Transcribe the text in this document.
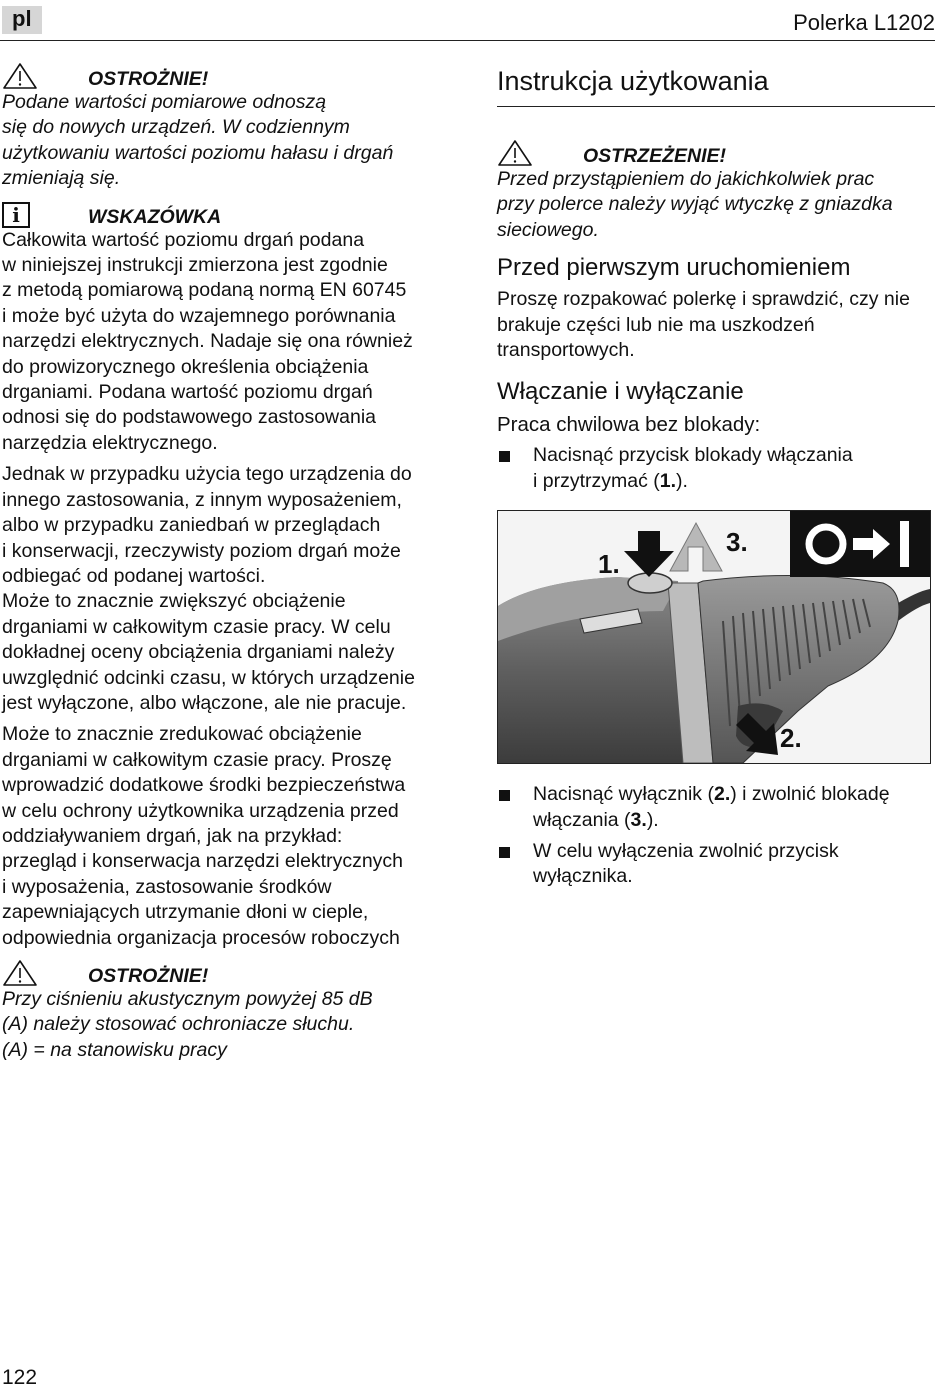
pl	Polerka L1202
OSTROŻNIE!

Podane wartości pomiarowe odnoszą
się do nowych urządzeń. W codziennym
użytkowaniu wartości poziomu hałasu i drgań
zmieniają się.

i	WSKAZÓWKA

Całkowita wartość poziomu drgań podana
w niniejszej instrukcji zmierzona jest zgodnie
z metodą pomiarową podaną normą EN 60745
i może być użyta do wzajemnego porównania
narzędzi elektrycznych. Nadaje się ona również
do prowizorycznego określenia obciążenia
drganiami. Podana wartość poziomu drgań
odnosi się do podstawowego zastosowania
narzędzia elektrycznego.

Jednak w przypadku użycia tego urządzenia do
innego zastosowania, z innym wyposażeniem,
albo w przypadku zaniedbań w przeglądach
i konserwacji, rzeczywisty poziom drgań może
odbiegać od podanej wartości.
Może to znacznie zwiększyć obciążenie
drganiami w całkowitym czasie pracy. W celu
dokładnej oceny obciążenia drganiami należy
uwzględnić odcinki czasu, w których urządzenie
jest wyłączone, albo włączone, ale nie pracuje.

Może to znacznie zredukować obciążenie
drganiami w całkowitym czasie pracy. Proszę
wprowadzić dodatkowe środki bezpieczeństwa
w celu ochrony użytkownika urządzenia przed
oddziaływaniem drgań, jak na przykład:
przegląd i konserwacja narzędzi elektrycznych
i wyposażenia, zastosowanie środków
zapewniających utrzymanie dłoni w cieple,
odpowiednia organizacja procesów roboczych

OSTROŻNIE!

Przy ciśnieniu akustycznym powyżej 85 dB
(A) należy stosować ochroniacze słuchu.
(A) = na stanowisku pracy

Instrukcja użytkowania
OSTRZEŻENIE!

Przed przystąpieniem do jakichkolwiek prac
przy polerce należy wyjąć wtyczkę z gniazdka
sieciowego.

Przed pierwszym uruchomieniem

Proszę rozpakować polerkę i sprawdzić, czy nie
brakuje części lub nie ma uszkodzeń
transportowych.

Włączanie i wyłączanie
Praca chwilowa bez blokady:
Nacisnąć przycisk blokady włączania
i przytrzymać (1.).
1.
3.
2.
Nacisnąć wyłącznik (2.) i zwolnić blokadę
włączania (3.).
W celu wyłączenia zwolnić przycisk
wyłącznika.
122
